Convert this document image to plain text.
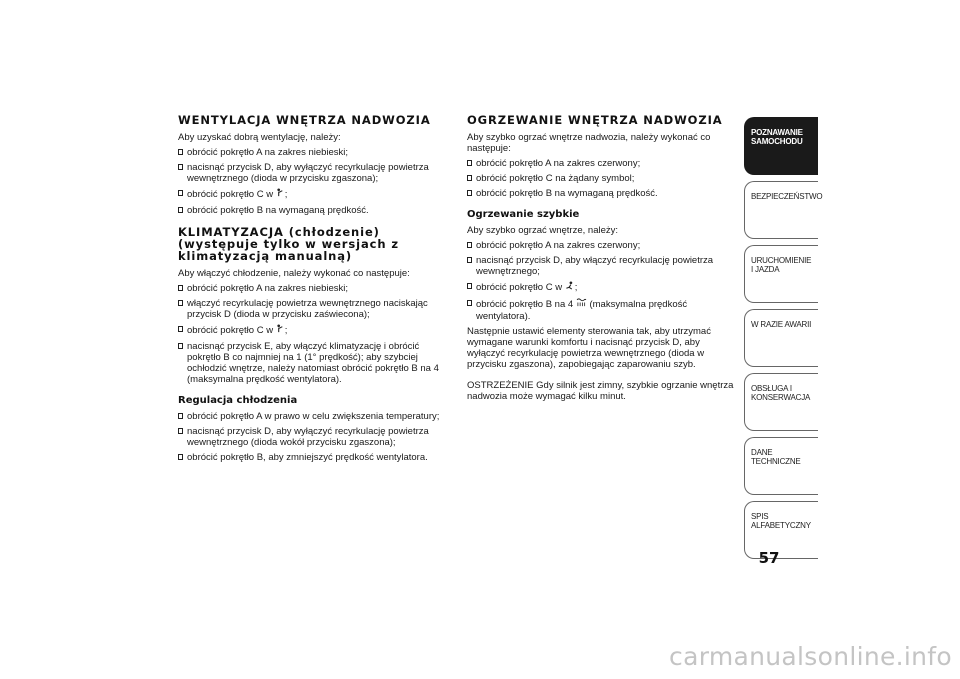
WENTYLACJA WNĘTRZA NADWOZIA

Aby uzyskać dobrą wentylację, należy:

obrócić pokrętło A na zakres niebieski;
nacisnąć przycisk D, aby wyłączyć recyrkulację powietrza wewnętrznego (dioda w przycisku zgaszona);
obrócić pokrętło C w ;
obrócić pokrętło B na wymaganą prędkość.
KLIMATYZACJA (chłodzenie) (występuje tylko w wersjach z klimatyzacją manualną)

Aby włączyć chłodzenie, należy wykonać co następuje:

obrócić pokrętło A na zakres niebieski;
włączyć recyrkulację powietrza wewnętrznego naciskając przycisk D (dioda w przycisku zaświecona);
obrócić pokrętło C w ;
nacisnąć przycisk E, aby włączyć klimatyzację i obrócić pokrętło B co najmniej na 1 (1° prędkość); aby szybciej ochłodzić wnętrze, należy natomiast obrócić pokrętło B na 4 (maksymalna prędkość wentylatora).
Regulacja chłodzenia
obrócić pokrętło A w prawo w celu zwiększenia temperatury;
nacisnąć przycisk D, aby wyłączyć recyrkulację powietrza wewnętrznego (dioda wokół przycisku zgaszona);
obrócić pokrętło B, aby zmniejszyć prędkość wentylatora.
OGRZEWANIE WNĘTRZA NADWOZIA

Aby szybko ogrzać wnętrze nadwozia, należy wykonać co następuje:

obrócić pokrętło A na zakres czerwony;
obrócić pokrętło C na żądany symbol;
obrócić pokrętło B na wymaganą prędkość.
Ogrzewanie szybkie

Aby szybko ogrzać wnętrze, należy:

obrócić pokrętło A na zakres czerwony;
nacisnąć przycisk D, aby włączyć recyrkulację powietrza wewnętrznego;
obrócić pokrętło C w ;
obrócić pokrętło B na 4 (maksymalna prędkość wentylatora).

Następnie ustawić elementy sterowania tak, aby utrzymać wymagane warunki komfortu i nacisnąć przycisk D, aby wyłączyć recyrkulację powietrza wewnętrznego (dioda w przycisku zgaszona), zapobiegając zaparowaniu szyb.

OSTRZEŻENIE Gdy silnik jest zimny, szybkie ogrzanie wnętrza nadwozia może wymagać kilku minut.

POZNAWANIE SAMOCHODU
BEZPIECZEŃSTWO
URUCHOMIENIE I JAZDA
W RAZIE AWARII
OBSŁUGA I KONSERWACJA
DANE TECHNICZNE
SPIS ALFABETYCZNY
57
carmanualsonline.info
